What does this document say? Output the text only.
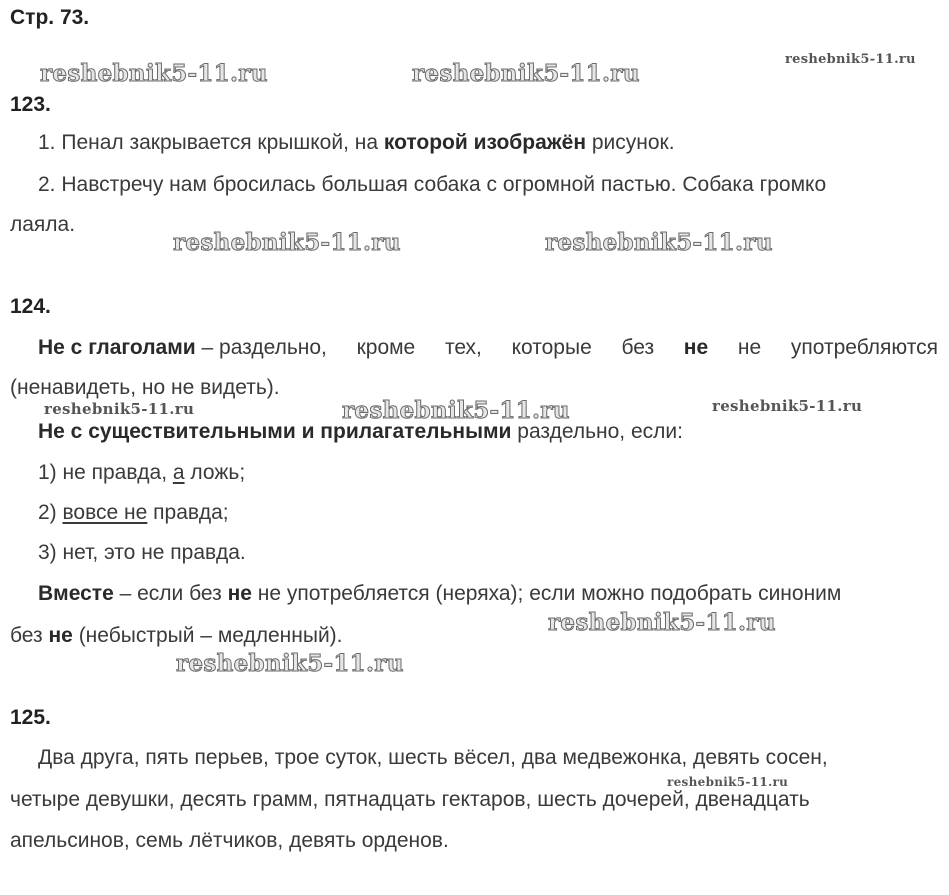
Стр. 73.
reshebnik5-11.ru	reshebnik5-11.ru
reshebnik5-11.ru
reshebnik5-11.ru	reshebnik5-11.ru
reshebnik5-11.ru	reshebnik5-11.ru	reshebnik5-11.ru
reshebnik5-11.ru
reshebnik5-11.ru
reshebnik5-11.ru
123.
1. Пенал закрывается крышкой, на которой изображён рисунок.
2. Навстречу нам бросилась большая собака с огромной пастью. Собака громко
лаяла.
124.
Не с глаголами – раздельно, кроме тех, которые без не не употребляются
(ненавидеть, но не видеть).
Не с существительными и прилагательными раздельно, если:
1) не правда, а ложь;
2) вовсе не правда;
3) нет, это не правда.
Вместе – если без не не употребляется (неряха); если можно подобрать синоним
без не (небыстрый – медленный).
125.
Два друга, пять перьев, трое суток, шесть вёсел, два медвежонка, девять сосен,
четыре девушки, десять грамм, пятнадцать гектаров, шесть дочерей, двенадцать
апельсинов, семь лётчиков, девять орденов.
